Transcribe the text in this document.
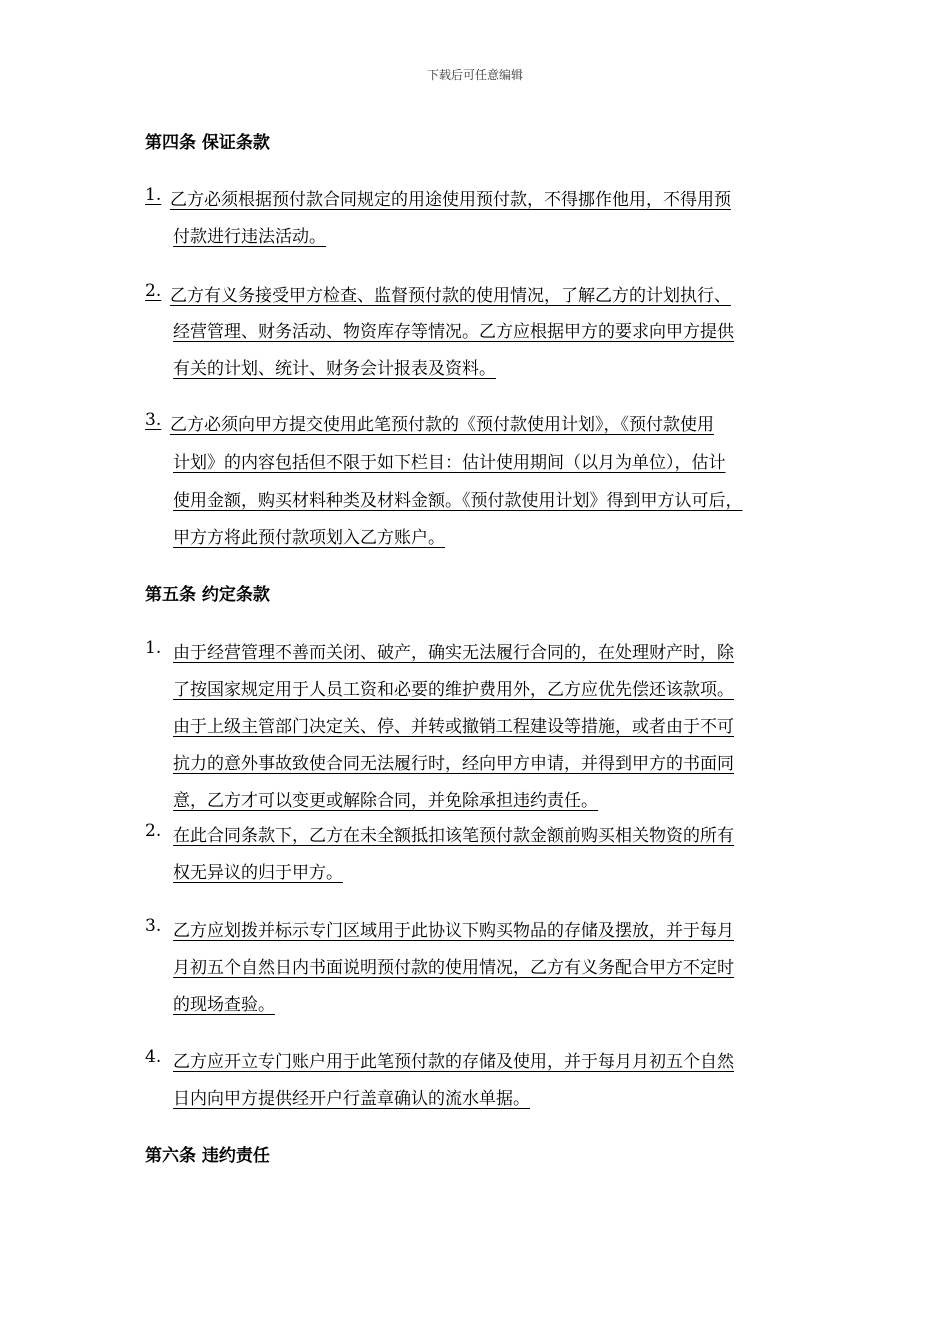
下载后可任意编辑
第四条 保证条款
1. 乙方必须根据预付款合同规定的用途使用预付款，不得挪作他用，不得用预
付款进行违法活动。
2. 乙方有义务接受甲方检查、监督预付款的使用情况，了解乙方的计划执行、
经营管理、财务活动、物资库存等情况。乙方应根据甲方的要求向甲方提供
有关的计划、统计、财务会计报表及资料。
3. 乙方必须向甲方提交使用此笔预付款的《预付款使用计划》，《预付款使用
计划》的内容包括但不限于如下栏目：估计使用期间（以月为单位），估计
使用金额，购买材料种类及材料金额。《预付款使用计划》得到甲方认可后，
甲方方将此预付款项划入乙方账户。
第五条 约定条款
1. 由于经营管理不善而关闭、破产，确实无法履行合同的，在处理财产时，除
了按国家规定用于人员工资和必要的维护费用外，乙方应优先偿还该款项。
由于上级主管部门决定关、停、并转或撤销工程建设等措施，或者由于不可
抗力的意外事故致使合同无法履行时，经向甲方申请，并得到甲方的书面同
意，乙方才可以变更或解除合同，并免除承担违约责任。
2. 在此合同条款下，乙方在未全额抵扣该笔预付款金额前购买相关物资的所有
权无异议的归于甲方。
3. 乙方应划拨并标示专门区域用于此协议下购买物品的存储及摆放，并于每月
月初五个自然日内书面说明预付款的使用情况，乙方有义务配合甲方不定时
的现场查验。
4. 乙方应开立专门账户用于此笔预付款的存储及使用，并于每月月初五个自然
日内向甲方提供经开户行盖章确认的流水单据。
第六条 违约责任
